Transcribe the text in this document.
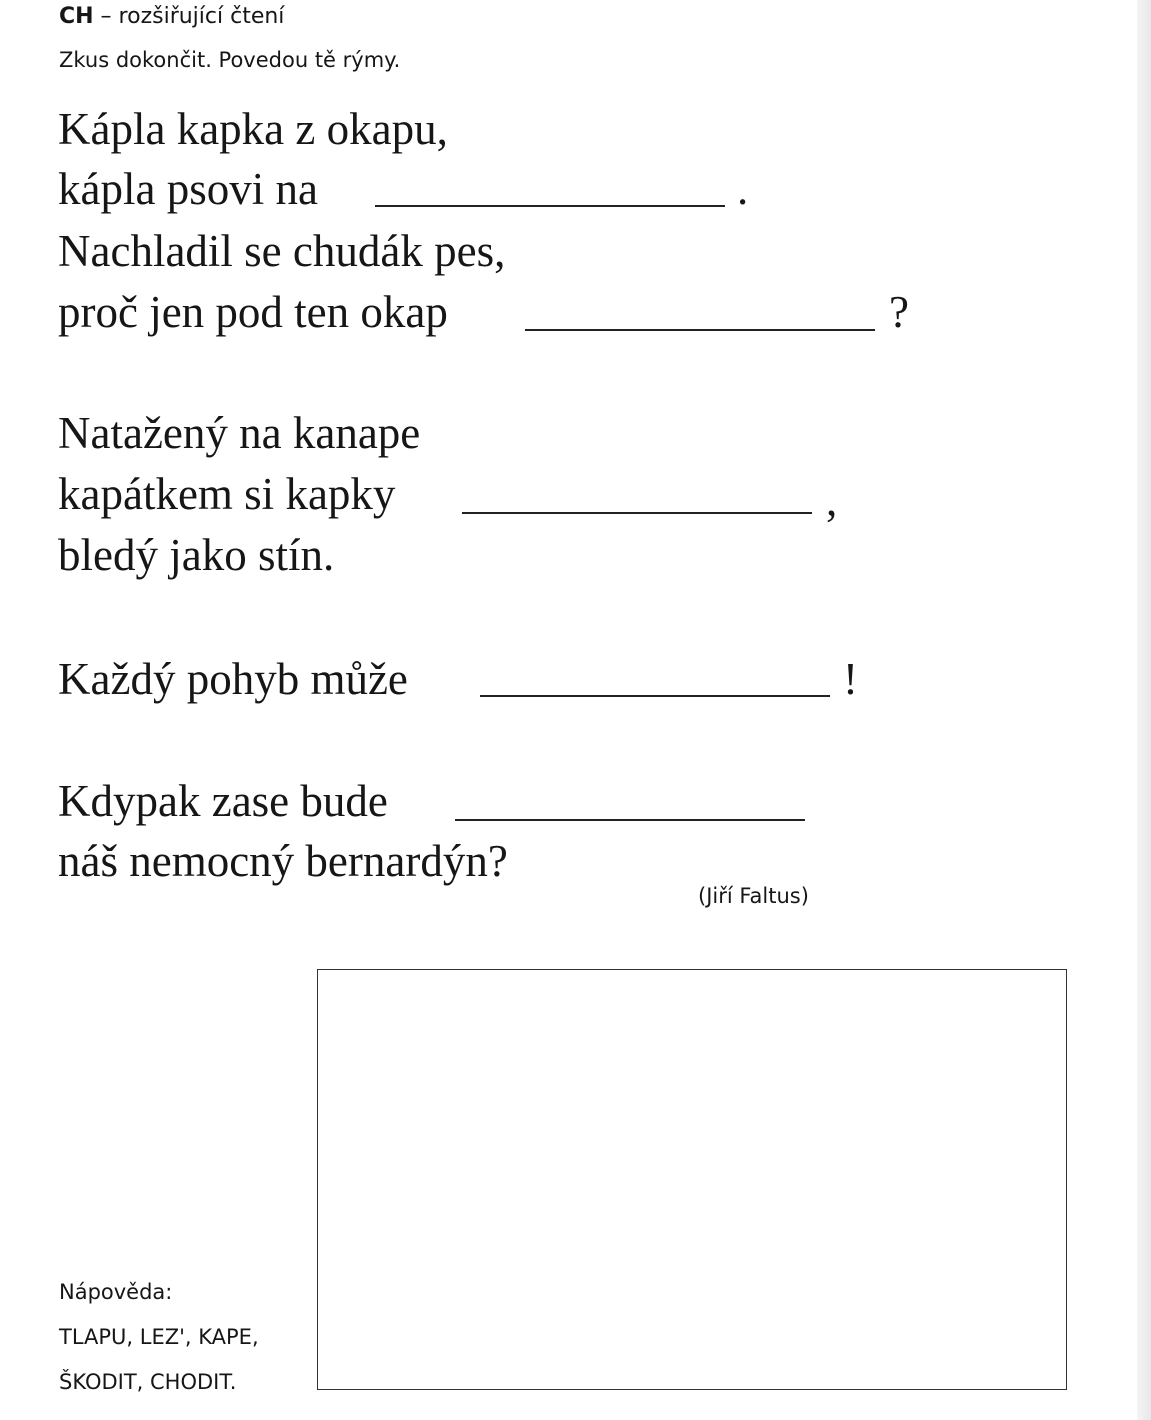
CH – rozšiřující čtení
Zkus dokončit. Povedou tě rýmy.
Kápla kapka z okapu,
kápla psovi na	.
Nachladil se chudák pes,
proč jen pod ten okap	?
Natažený na kanape
kapátkem si kapky	,
bledý jako stín.
Každý pohyb může	!
Kdypak zase bude
náš nemocný bernardýn?
(Jiří Faltus)
Nápověda:
TLAPU, LEZ', KAPE,
ŠKODIT, CHODIT.
